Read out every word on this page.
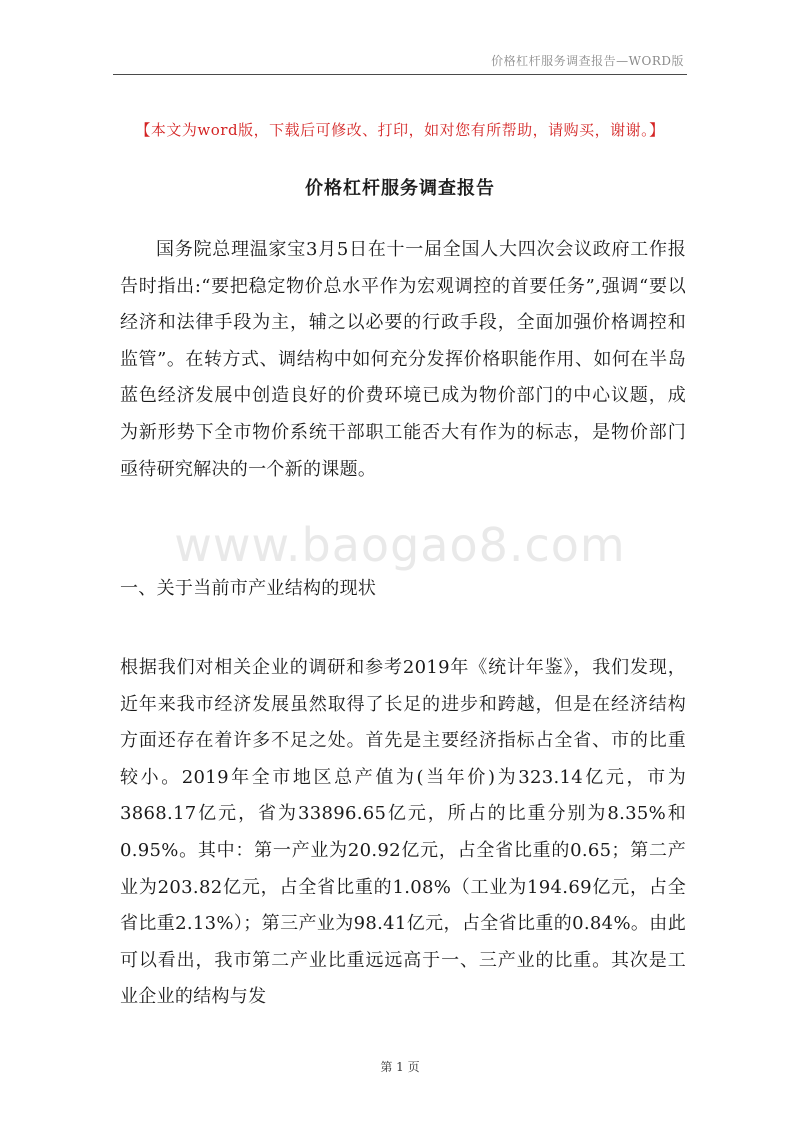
价格杠杆服务调查报告—WORD版
【本文为word版，下载后可修改、打印，如对您有所帮助，请购买，谢谢。】
价格杠杆服务调查报告
国务院总理温家宝3月5日在十一届全国人大四次会议政府工作报告时指出:“要把稳定物价总水平作为宏观调控的首要任务”,强调“要以经济和法律手段为主，辅之以必要的行政手段，全面加强价格调控和监管”。在转方式、调结构中如何充分发挥价格职能作用、如何在半岛蓝色经济发展中创造良好的价费环境已成为物价部门的中心议题，成为新形势下全市物价系统干部职工能否大有作为的标志，是物价部门亟待研究解决的一个新的课题。
www.baogao8.com
一、关于当前市产业结构的现状
根据我们对相关企业的调研和参考2019年《统计年鉴》，我们发现，近年来我市经济发展虽然取得了长足的进步和跨越，但是在经济结构方面还存在着许多不足之处。首先是主要经济指标占全省、市的比重较小。2019年全市地区总产值为(当年价)为323.14亿元，市为3868.17亿元，省为33896.65亿元，所占的比重分别为8.35%和0.95%。其中：第一产业为20.92亿元，占全省比重的0.65；第二产业为203.82亿元，占全省比重的1.08%（工业为194.69亿元，占全省比重2.13%）；第三产业为98.41亿元，占全省比重的0.84%。由此可以看出，我市第二产业比重远远高于一、三产业的比重。其次是工业企业的结构与发
第 1 页
